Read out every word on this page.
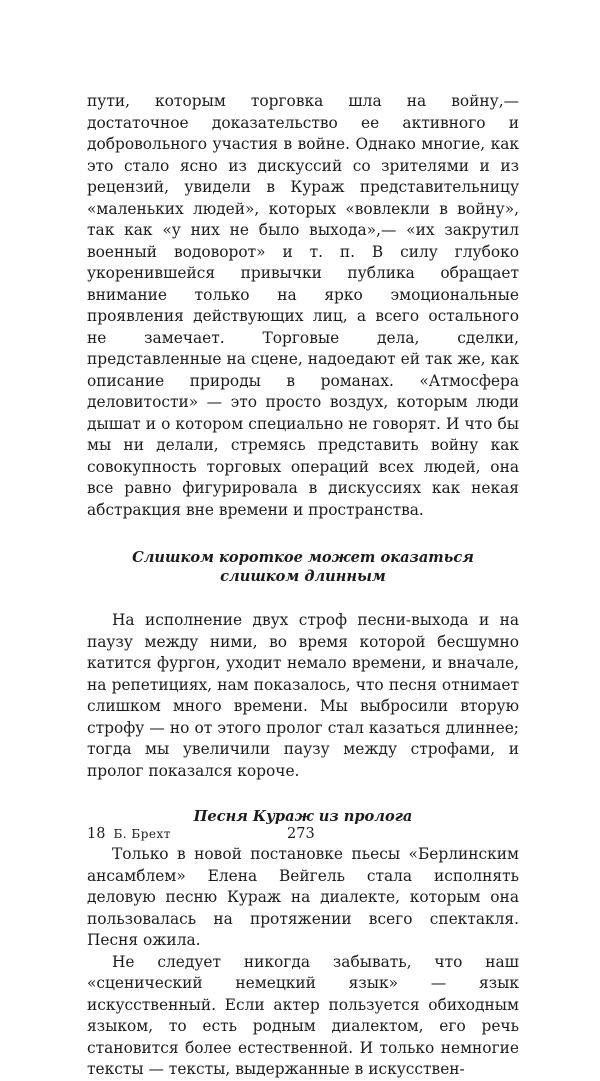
пути, которым торговка шла на войну,— достаточное доказательство ее активного и добровольного участия в войне. Однако многие, как это стало ясно из дискуссий со зрителями и из рецензий, увидели в Кураж представительницу «маленьких людей», которых «вовлекли в войну», так как «у них не было выхода»,— «их закрутил военный водоворот» и т. п. В силу глубоко укоренившейся привычки публика обращает внимание только на ярко эмоциональные проявления действующих лиц, а всего остального не замечает. Торговые дела, сделки, представленные на сцене, надоедают ей так же, как описание природы в романах. «Атмосфера деловитости» — это просто воздух, которым люди дышат и о котором специально не говорят. И что бы мы ни делали, стремясь представить войну как совокупность торговых операций всех людей, она все равно фигурировала в дискуссиях как некая абстракция вне времени и пространства.

Слишком короткое может оказаться
слишком длинным

На исполнение двух строф песни-выхода и на паузу между ними, во время которой бесшумно катится фургон, уходит немало времени, и вначале, на репетициях, нам показалось, что песня отнимает слишком много времени. Мы выбросили вторую строфу — но от этого пролог стал казаться длиннее; тогда мы увеличили паузу между строфами, и пролог показался короче.

Песня Кураж из пролога

Только в новой постановке пьесы «Берлинским ансамблем» Елена Вейгель стала исполнять деловую песню Кураж на диалекте, которым она пользовалась на протяжении всего спектакля. Песня ожила.

Не следует никогда забывать, что наш «сценический немецкий язык» — язык искусственный. Если актер пользуется обиходным языком, то есть родным диалектом, его речь становится более естественной. И только немногие тексты — тексты, выдержанные в искусствен-

18 Б. Брехт	273
